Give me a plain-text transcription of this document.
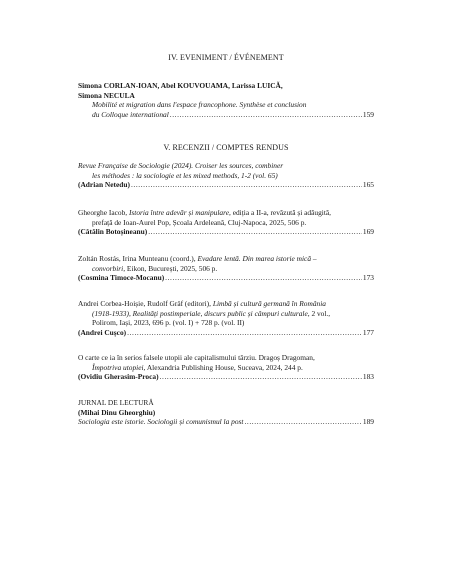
IV. EVENIMENT / ÉVÉNEMENT
Simona CORLAN-IOAN, Abel KOUVOUAMA, Larissa LUICĂ,
Simona NECULA
Mobilité et migration dans l'espace francophone. Synthèse et conclusion
du Colloque international .....	159
V. RECENZII / COMPTES RENDUS
Revue Française de Sociologie (2024). Croiser les sources, combiner
les méthodes : la sociologie et les mixed methods, 1-2 (vol. 65)
(Adrian Netedu) .....	165
Gheorghe Iacob, Istoria între adevăr și manipulare , ediția a II-a, revăzută și adăugită,
prefață de Ioan-Aurel Pop, Școala Ardeleană, Cluj-Napoca, 2025, 506 p.
(Cătălin Botoșineanu) .....	169
Zoltán Rostás, Irina Munteanu (coord.), Evadare lentă. Din marea istorie mică –
convorbiri , Eikon, București, 2025, 506 p.
(Cosmina Timoce-Mocanu) .....	173
Andrei Corbea-Hoișie, Rudolf Gräf (editori), Limbă și cultură germană în România
(1918-1933), Realități postimperiale, discurs public și câmpuri culturale , 2 vol.,
Polirom, Iași, 2023, 696 p. (vol. I) + 728 p. (vol. II)
(Andrei Cușco) .....	177
O carte ce ia în serios falsele utopii ale capitalismului târziu. Dragoș Dragoman,
Împotriva utopiei , Alexandria Publishing House, Suceava, 2024, 244 p.
(Ovidiu Gherasim-Proca) .....	183
JURNAL DE LECTURĂ
(Mihai Dinu Gheorghiu)
Sociologia este istorie. Sociologii și comunismul la post .....	189
